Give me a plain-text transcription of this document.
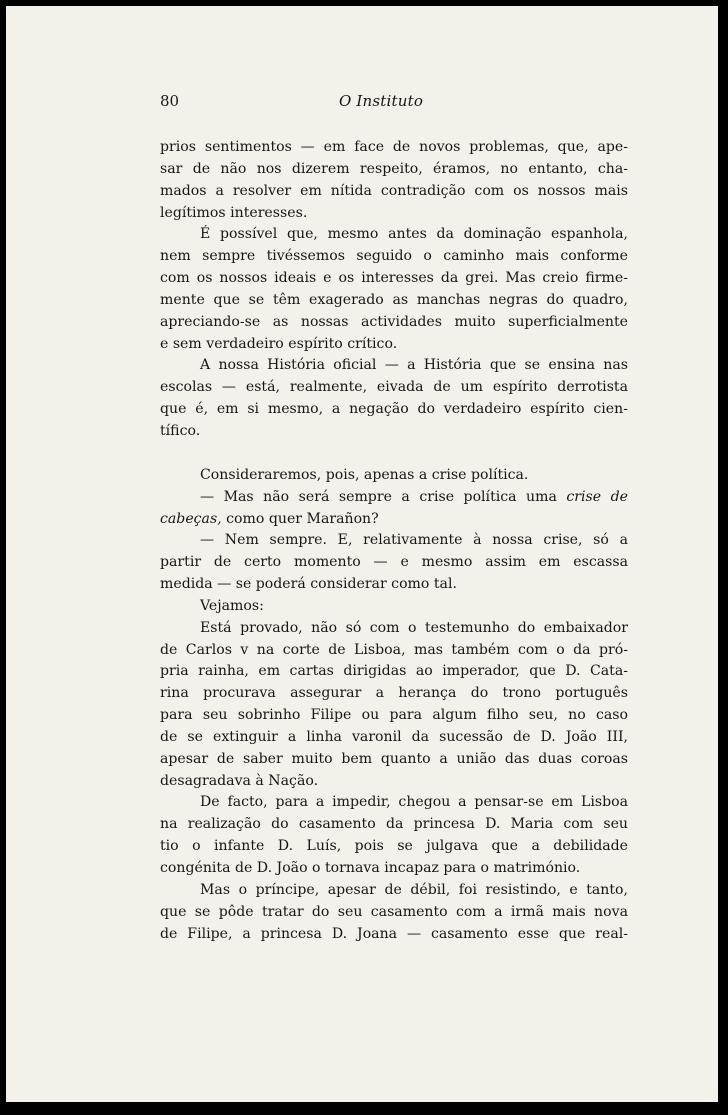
80	O Instituto
prios sentimentos — em face de novos problemas, que, ape-
sar de não nos dizerem respeito, éramos, no entanto, cha-
mados a resolver em nítida contradição com os nossos mais
legítimos interesses.
É possível que, mesmo antes da dominação espanhola,
nem sempre tivéssemos seguido o caminho mais conforme
com os nossos ideais e os interesses da grei. Mas creio firme-
mente que se têm exagerado as manchas negras do quadro,
apreciando-se as nossas actividades muito superficialmente
e sem verdadeiro espírito crítico.
A nossa História oficial — a História que se ensina nas
escolas — está, realmente, eivada de um espírito derrotista
que é, em si mesmo, a negação do verdadeiro espírito cien-
tífico.
Consideraremos, pois, apenas a crise política.
— Mas não será sempre a crise política uma crise de
cabeças, como quer Marañon?
— Nem sempre. E, relativamente à nossa crise, só a
partir de certo momento — e mesmo assim em escassa
medida — se poderá considerar como tal.
Vejamos:
Está provado, não só com o testemunho do embaixador
de Carlos v na corte de Lisboa, mas também com o da pró-
pria rainha, em cartas dirigidas ao imperador, que D. Cata-
rina procurava assegurar a herança do trono português
para seu sobrinho Filipe ou para algum filho seu, no caso
de se extinguir a linha varonil da sucessão de D. João III,
apesar de saber muito bem quanto a união das duas coroas
desagradava à Nação.
De facto, para a impedir, chegou a pensar-se em Lisboa
na realização do casamento da princesa D. Maria com seu
tio o infante D. Luís, pois se julgava que a debilidade
congénita de D. João o tornava incapaz para o matrimónio.
Mas o príncipe, apesar de débil, foi resistindo, e tanto,
que se pôde tratar do seu casamento com a irmã mais nova
de Filipe, a princesa D. Joana — casamento esse que real-
